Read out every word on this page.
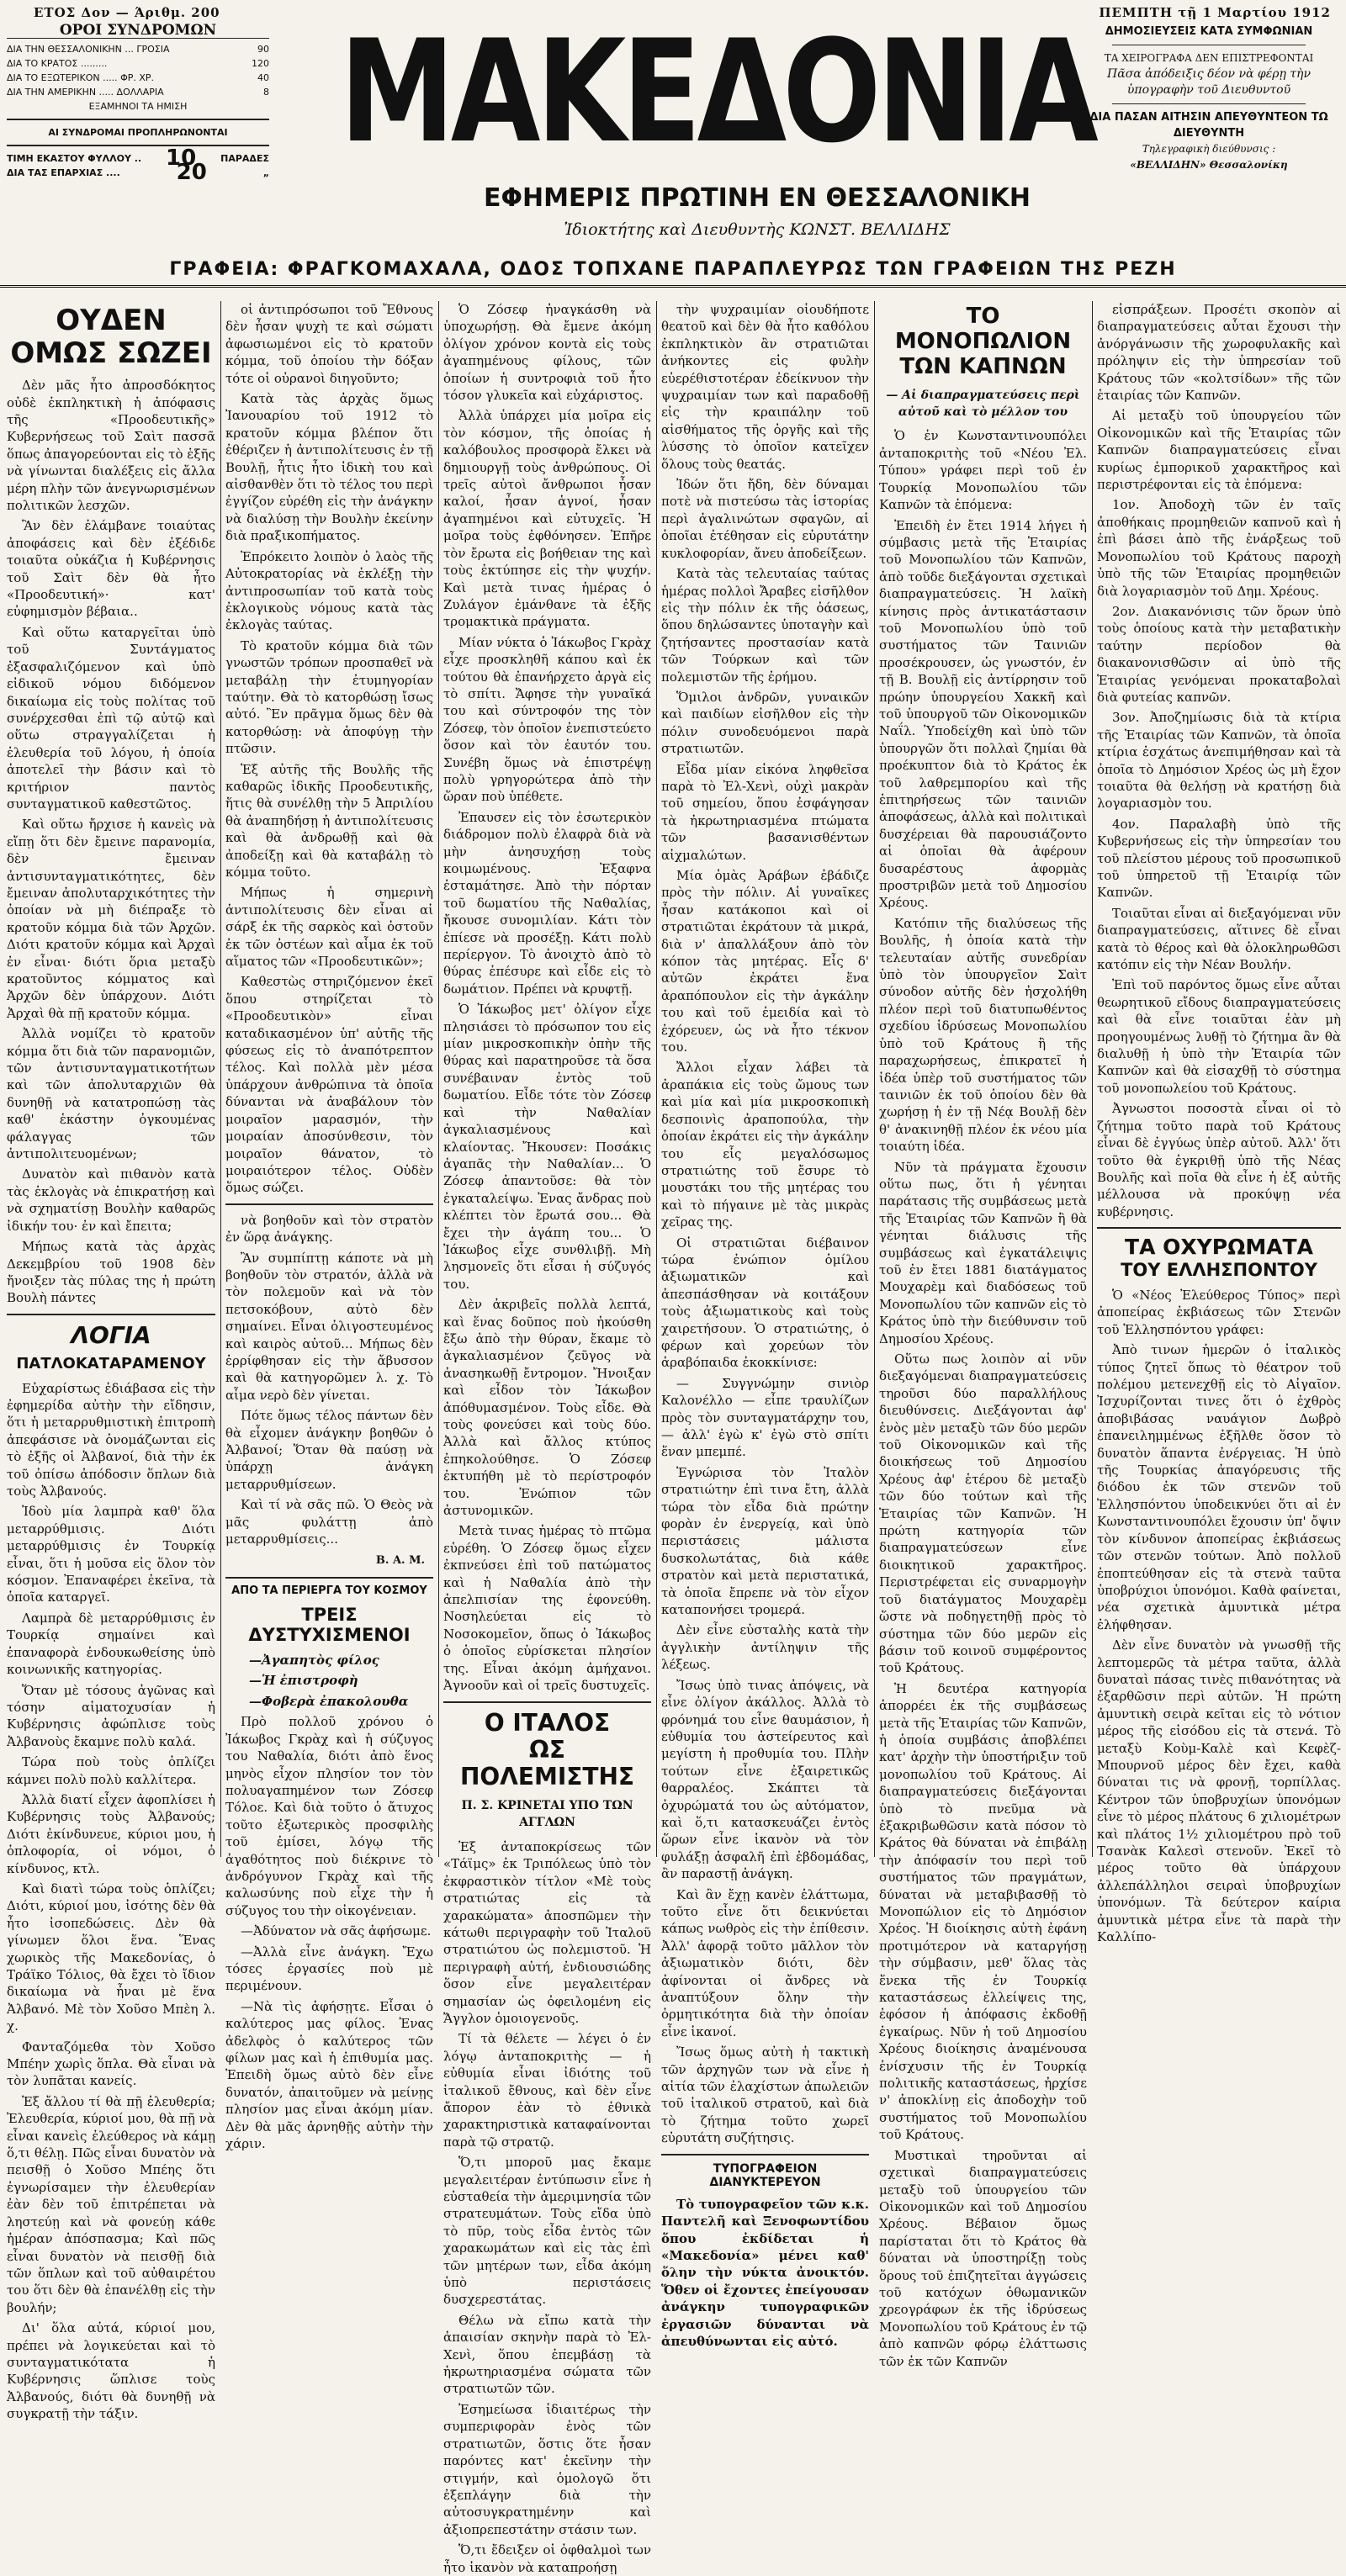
ΕΤΟΣ Δον — Άριθμ. 200	ΠΕΜΠΤΗ τῇ 1 Μαρτίου 1912
ΟΡΟΙ ΣΥΝΔΡΟΜΩΝ
ΔΙΑ ΤΗΝ ΘΕΣΣΑΛΟΝΙΚΗΝ ... ΓΡΟΣΙΑ	90
ΔΙΑ ΤΟ ΚΡΑΤΟΣ .........	120
ΔΙΑ ΤΟ ΕΞΩΤΕΡΙΚΟΝ ..... ΦΡ. ΧΡ.	40
ΔΙΑ ΤΗΝ ΑΜΕΡΙΚΗΝ ..... ΔΟΛΛΑΡΙΑ	8
ΕΞΑΜΗΝΟΙ ΤΑ ΗΜΙΣΗ
ΑΙ ΣΥΝΔΡΟΜΑΙ ΠΡΟΠΛΗΡΩΝΟΝΤΑΙ
ΤΙΜΗ ΕΚΑΣΤΟΥ ΦΥΛΛΟΥ .. 10	ΠΑΡΑΔΕΣ
ΔΙΑ ΤΑΣ ΕΠΑΡΧΙΑΣ ....	20	„ ΜΑΚΕΔΟΝΙΑ
ΕΦΗΜΕΡΙΣ ΠΡΩΤΙΝΗ ΕΝ ΘΕΣΣΑΛΟΝΙΚΗ
Ἰδιοκτήτης καὶ Διευθυντὴς ΚΩΝΣΤ. ΒΕΛΛΙΔΗΣ
ΔΗΜΟΣΙΕΥΣΕΙΣ ΚΑΤΑ ΣΥΜΦΩΝΙΑΝ
ΤΑ ΧΕΙΡΟΓΡΑΦΑ ΔΕΝ ΕΠΙΣΤΡΕΦΟΝΤΑΙ
Πᾶσα ἀπόδειξις δέον νὰ φέρῃ τὴν ὑπογραφὴν τοῦ Διευθυντοῦ
ΔΙΑ ΠΑΣΑΝ ΑΙΤΗΣΙΝ ΑΠΕΥΘΥΝΤΕΟΝ ΤΩ ΔΙΕΥΘΥΝΤΗ
Τηλεγραφικὴ διεύθυνσις :
«ΒΕΛΛΙΔΗΝ» Θεσσαλονίκη
ΓΡΑΦΕΙΑ: ΦΡΑΓΚΟΜΑΧΑΛΑ, ΟΔΟΣ ΤΟΠΧΑΝΕ ΠΑΡΑΠΛΕΥΡΩΣ ΤΩΝ ΓΡΑΦΕΙΩΝ ΤΗΣ ΡΕΖΗ
ΟΥΔΕΝ ΟΜΩΣ ΣΩΖΕΙ

Δὲν μᾶς ἦτο ἀπροσδόκητος οὐδὲ ἐκπληκτικὴ ἡ ἀπόφασις τῆς «Προοδευτικῆς» Κυβερνήσεως τοῦ Σαὶτ πασσᾶ ὅπως ἀπαγορεύονται εἰς τὸ ἑξῆς νὰ γίνωνται διαλέξεις εἰς ἄλλα μέρη πλὴν τῶν ἀνεγνωρισμένων πολιτικῶν λεσχῶν.

Ἂν δὲν ἐλάμβανε τοιαύτας ἀποφάσεις καὶ δὲν ἐξέδιδε τοιαῦτα οὐκάζια ἡ Κυβέρνησις τοῦ Σαὶτ δὲν θὰ ἦτο «Προοδευτική»· κατ' εὐφημισμὸν βέβαια..

Καὶ οὕτω καταργεῖται ὑπὸ τοῦ Συντάγματος ἐξασφαλιζόμενον καὶ ὑπὸ εἰδικοῦ νόμου διδόμενον δικαίωμα εἰς τοὺς πολίτας τοῦ συνέρχεσθαι ἐπὶ τῷ αὐτῷ καὶ οὕτω στραγγαλίζεται ἡ ἐλευθερία τοῦ λόγου, ἡ ὁποία ἀποτελεῖ τὴν βάσιν καὶ τὸ κριτήριον παντὸς συνταγματικοῦ καθεστῶτος.

Καὶ οὕτω ἤρχισε ἡ κανεὶς νὰ εἴπῃ ὅτι δὲν ἔμεινε παρανομία, δὲν ἔμειναν ἀντισυνταγματικότητες, δὲν ἔμειναν ἀπολυταρχικότητες τὴν ὁποίαν νὰ μὴ διέπραξε τὸ κρατοῦν κόμμα διὰ τῶν Ἀρχῶν. Διότι κρατοῦν κόμμα καὶ Ἀρχαὶ ἐν εἶναι· διότι ὅρια μεταξὺ κρατοῦντος κόμματος καὶ Ἀρχῶν δὲν ὑπάρχουν. Διότι Ἀρχαὶ θὰ πῇ κρατοῦν κόμμα.

Ἀλλὰ νομίζει τὸ κρατοῦν κόμμα ὅτι διὰ τῶν παρανομιῶν, τῶν ἀντισυνταγματικοτήτων καὶ τῶν ἀπολυταρχιῶν θὰ δυνηθῇ νὰ κατατροπώσῃ τὰς καθ' ἑκάστην ὀγκουμένας φάλαγγας τῶν ἀντιπολιτευομένων;

Δυνατὸν καὶ πιθανὸν κατὰ τὰς ἐκλογὰς νὰ ἐπικρατήσῃ καὶ νὰ σχηματίσῃ Βουλὴν καθαρῶς ἰδικήν του· ἐν καὶ ἔπειτα;

Μήπως κατὰ τὰς ἀρχὰς Δεκεμβρίου τοῦ 1908 δὲν ἤνοιξεν τὰς πύλας της ἡ πρώτη Βουλὴ πάντες

ΛΟΓΙΑ
ΠΑΤΛΟΚΑΤΑΡΑΜΕΝΟΥ

Εὐχαρίστως ἐδιάβασα εἰς τὴν ἐφημερίδα αὐτὴν τὴν εἴδησιν, ὅτι ἡ μεταρρυθμιστικὴ ἐπιτροπὴ ἀπεφάσισε νὰ ὀνομάζωνται εἰς τὸ ἑξῆς οἱ Ἀλβανοί, διὰ τὴν ἐκ τοῦ ὀπίσω ἀπόδοσιν ὅπλων διὰ τοὺς Ἀλβανούς.

Ἰδοὺ μία λαμπρὰ καθ' ὅλα μεταρρύθμισις. Διότι μεταρρύθμισις ἐν Τουρκίᾳ εἶναι, ὅτι ἡ μοῦσα εἰς ὅλον τὸν κόσμον. Ἐπαναφέρει ἐκεῖνα, τὰ ὁποῖα καταργεῖ.

Λαμπρὰ δὲ μεταρρύθμισις ἐν Τουρκίᾳ σημαίνει καὶ ἐπαναφορὰ ἐνδουκωθείσης ὑπὸ κοινωνικῆς κατηγορίας.

Ὅταν μὲ τόσους ἀγῶνας καὶ τόσην αἱματοχυσίαν ἡ Κυβέρνησις ἀφώπλισε τοὺς Ἀλβανοὺς ἔκαμνε πολὺ καλά.

Τώρα ποὺ τοὺς ὁπλίζει κάμνει πολὺ πολὺ καλλίτερα.

Ἀλλὰ διατί εἶχεν ἀφοπλίσει ἡ Κυβέρνησις τοὺς Ἀλβανούς; Διότι ἐκίνδυνευε, κύριοι μου, ἡ ὁπλοφορία, οἱ νόμοι, ὁ κίνδυνος, κτλ.

Καὶ διατὶ τώρα τοὺς ὁπλίζει; Διότι, κύριοί μου, ἰσότης δὲν θὰ ἦτο ἰσοπεδώσεις. Δὲν θὰ γίνωμεν ὅλοι ἕνα. Ἕνας χωρικὸς τῆς Μακεδονίας, ὁ Τράϊκο Τόλιος, θὰ ἔχει τὸ ἴδιον δικαίωμα νὰ ἦναι μὲ ἕνα Ἀλβανό. Μὲ τὸν Χοῦσο Μπὲη λ. χ.

Φανταζόμεθα τὸν Χοῦσο Μπέην χωρὶς ὅπλα. Θὰ εἶναι νὰ τὸν λυπᾶται κανείς.

Ἐξ ἄλλου τί θὰ πῇ ἐλευθερία; Ἐλευθερία, κύριοί μου, θὰ πῇ νὰ εἶναι κανεὶς ἐλεύθερος νὰ κάμῃ ὅ,τι θέλῃ. Πῶς εἶναι δυνατὸν νὰ πεισθῇ ὁ Χοῦσο Μπέης ὅτι ἐγνωρίσαμεν τὴν ἐλευθερίαν ἐὰν δὲν τοῦ ἐπιτρέπεται νὰ ληστεύῃ καὶ νὰ φονεύῃ κάθε ἡμέραν ἀπόσπασμα; Καὶ πῶς εἶναι δυνατὸν νὰ πεισθῇ διὰ τῶν ὅπλων καὶ τοῦ αὐθαιρέτου του ὅτι δὲν θὰ ἐπανέλθῃ εἰς τὴν βουλήν;

Δι' ὅλα αὐτά, κύριοί μου, πρέπει νὰ λογικεύεται καὶ τὸ συνταγματικότατα ἡ Κυβέρνησις ὥπλισε τοὺς Ἀλβανούς, διότι θὰ δυνηθῇ νὰ συγκρατῇ τὴν τάξιν.

οἱ ἀντιπρόσωποι τοῦ Ἔθνους δὲν ἦσαν ψυχὴ τε καὶ σώματι ἀφωσιωμένοι εἰς τὸ κρατοῦν κόμμα, τοῦ ὁποίου τὴν δόξαν τότε οἱ οὐρανοὶ διηγοῦντο;

Κατὰ τὰς ἀρχὰς ὅμως Ἰανουαρίου τοῦ 1912 τὸ κρατοῦν κόμμα βλέπον ὅτι ἐθέριζεν ἡ ἀντιπολίτευσις ἐν τῇ Βουλῇ, ἦτις ἦτο ἰδικὴ του καὶ αἰσθανθὲν ὅτι τὸ τέλος του περὶ ἐγγίζον εὐρέθη εἰς τὴν ἀνάγκην νὰ διαλύσῃ τὴν Βουλὴν ἐκείνην διὰ πραξικοπήματος.

Ἐπρόκειτο λοιπὸν ὁ λαὸς τῆς Αὐτοκρατορίας νὰ ἐκλέξῃ τὴν ἀντιπροσωπίαν τοῦ κατὰ τοὺς ἐκλογικοὺς νόμους κατὰ τὰς ἐκλογὰς ταύτας.

Τὸ κρατοῦν κόμμα διὰ τῶν γνωστῶν τρόπων προσπαθεῖ νὰ μεταβάλῃ τὴν ἐτυμηγορίαν ταύτην. Θὰ τὸ κατορθώσῃ ἴσως αὐτό. Ἓν πρᾶγμα ὅμως δὲν θὰ κατορθώσῃ: νὰ ἀποφύγῃ τὴν πτῶσιν.

Ἐξ αὐτῆς τῆς Βουλῆς τῆς καθαρῶς ἰδικῆς Προοδευτικῆς, ἥτις θὰ συνέλθῃ τὴν 5 Ἀπριλίου θὰ ἀναπηδήσῃ ἡ ἀντιπολίτευσις καὶ θὰ ἀνδρωθῇ καὶ θὰ ἀποδείξῃ καὶ θὰ καταβάλῃ τὸ κόμμα τοῦτο.

Μήπως ἡ σημερινὴ ἀντιπολίτευσις δὲν εἶναι αἱ σάρξ ἐκ τῆς σαρκὸς καὶ ὀστοῦν ἐκ τῶν ὀστέων καὶ αἷμα ἐκ τοῦ αἵματος τῶν «Προοδευτικῶν»;

Καθεστὼς στηριζόμενον ἐκεῖ ὅπου στηρίζεται τὸ «Προοδευτικὸν» εἶναι καταδικασμένον ὑπ' αὐτῆς τῆς φύσεως εἰς τὸ ἀναπότρεπτον τέλος. Καὶ πολλὰ μὲν μέσα ὑπάρχουν ἀνθρώπινα τὰ ὁποῖα δύνανται νὰ ἀναβάλουν τὸν μοιραῖον μαρασμόν, τὴν μοιραίαν ἀποσύνθεσιν, τὸν μοιραῖον θάνατον, τὸ μοιραιότερον τέλος. Οὐδὲν ὅμως σώζει.

νὰ βοηθοῦν καὶ τὸν στρατὸν ἐν ὥρᾳ ἀνάγκης.

Ἂν συμπίπτῃ κάποτε νὰ μὴ βοηθοῦν τὸν στρατόν, ἀλλὰ νὰ τὸν πολεμοῦν καὶ νὰ τὸν πετσοκόβουν, αὐτὸ δὲν σημαίνει. Εἶναι ὀλιγοστευμένος καὶ καιρὸς αὐτοῦ... Μήπως δὲν ἐρρίφθησαν εἰς τὴν ἄβυσσον καὶ θὰ κατηγορῶμεν λ. χ. Τὸ αἷμα νερὸ δὲν γίνεται.

Πότε ὅμως τέλος πάντων δὲν θὰ εἶχομεν ἀνάγκην βοηθῶν ὁ Ἀλβανοί; Ὅταν θὰ παύσῃ νὰ ὑπάρχῃ ἀνάγκη μεταρρυθμίσεων.

Καὶ τί νὰ σᾶς πῶ. Ὁ Θεὸς νὰ μᾶς φυλάττῃ ἀπὸ μεταρρυθμίσεις...

Β. Α. Μ.
ΑΠΟ ΤΑ ΠΕΡΙΕΡΓΑ ΤΟΥ ΚΟΣΜΟΥ
ΤΡΕΙΣ ΔΥΣΤΥΧΙΣΜΕΝΟΙ

—Ἀγαπητὸς φίλος

—Ἡ ἐπιστροφὴ

—Φοβερὰ ἐπακολουθα

Πρὸ πολλοῦ χρόνου ὁ Ἰάκωβος Γκρὰχ καὶ ἡ σύζυγος του Ναθαλία, διότι ἀπὸ ἕνος μηνὸς εἶχον πλησίον τον τὸν πολυαγαπημένον των Ζόσεφ Τόλοε. Καὶ διὰ τοῦτο ὁ ἄτυχος τοῦτο ἐξωτερικὸς προσφιλὴς τοῦ ἐμίσει, λόγῳ τῆς ἀγαθότητος ποὺ διέκρινε τὸ ἀνδρόγυνον Γκρὰχ καὶ τῆς καλωσύνης ποὺ εἶχε τὴν ἡ σύζυγος του τὴν οἰκογένειαν.

—Ἀδύνατον νὰ σᾶς ἀφήσωμε.

—Ἀλλὰ εἶνε ἀνάγκη. Ἔχω τόσες ἐργασίες ποὺ μὲ περιμένουν.

—Νὰ τὶς ἀφήσῃτε. Εἶσαι ὁ καλύτερος μας φίλος. Ἐνας ἀδελφὸς ὁ καλύτερος τῶν φίλων μας καὶ ἡ ἐπιθυμία μας. Ἐπειδὴ ὅμως αὐτὸ δὲν εἶνε δυνατόν, ἀπαιτοῦμεν νὰ μείνῃς πλησίον μας εἶναι ἀκόμη μίαν. Δὲν θὰ μᾶς ἀρνηθῇς αὐτὴν τὴν χάριν.

Ὁ Ζόσεφ ἠναγκάσθη νὰ ὑποχωρήσῃ. Θὰ ἔμενε ἀκόμη ὀλίγον χρόνον κοντὰ εἰς τοὺς ἀγαπημένους φίλους, τῶν ὁποίων ἡ συντροφιὰ τοῦ ἦτο τόσον γλυκεῖα καὶ εὐχάριστος.

Ἀλλὰ ὑπάρχει μία μοῖρα εἰς τὸν κόσμον, τῆς ὁποίας ἡ καλόβουλος προσφορὰ ἔλκει νὰ δημιουργῇ τοὺς ἀνθρώπους. Οἱ τρεῖς αὐτοὶ ἄνθρωποι ἦσαν καλοί, ἦσαν ἁγνοί, ἦσαν ἀγαπημένοι καὶ εὐτυχεῖς. Ἡ μοῖρα τοὺς ἐφθόνησεν. Ἐπῆρε τὸν ἔρωτα εἰς βοήθειαν της καὶ τοὺς ἐκτύπησε εἰς τὴν ψυχήν. Καὶ μετὰ τινας ἡμέρας ὁ Ζυλάγον ἐμάνθανε τὰ ἑξῆς τρομακτικὰ πράγματα.

Μίαν νύκτα ὁ Ἰάκωβος Γκρὰχ εἶχε προσκληθῆ κάπου καὶ ἐκ τούτου θὰ ἐπανήρχετο ἀργὰ εἰς τὸ σπίτι. Ἄφησε τὴν γυναῖκά του καὶ σύντροφόν της τὸν Ζόσεφ, τὸν ὁποῖον ἐνεπιστεύετο ὅσον καὶ τὸν ἑαυτόν του. Συνέβη ὅμως νὰ ἐπιστρέψῃ πολὺ γρηγορώτερα ἀπὸ τὴν ὥραν ποὺ ὑπέθετε.

Ἐπαυσεν εἰς τὸν ἐσωτερικὸν διάδρομον πολὺ ἐλαφρὰ διὰ νὰ μὴν ἀνησυχήσῃ τοὺς κοιμωμένους. Ἐξαφνα ἐσταμάτησε. Ἀπὸ τὴν πόρταν τοῦ δωματίου τῆς Ναθαλίας, ἤκουσε συνομιλίαν. Κάτι τὸν ἐπίεσε νὰ προσέξῃ. Κάτι πολὺ περίεργον. Τὸ ἀνοιχτὸ ἀπὸ τὸ θύρας ἐπέσυρε καὶ εἶδε εἰς τὸ δωμάτιον. Πρέπει νὰ κρυφτῇ.

Ὁ Ἰάκωβος μετ' ὀλίγον εἶχε πλησιάσει τὸ πρόσωπον του εἰς μίαν μικροσκοπικὴν ὀπὴν τῆς θύρας καὶ παρατηροῦσε τὰ ὅσα συνέβαιναν ἐντὸς τοῦ δωματίου. Εἶδε τότε τὸν Ζόσεφ καὶ τὴν Ναθαλίαν ἀγκαλιασμένους καὶ κλαίοντας. Ἤκουσεν: Ποσάκις ἀγαπᾶς τὴν Ναθαλίαν... Ὁ Ζόσεφ ἀπαντοῦσε: θὰ τὸν ἐγκαταλείψω. Ἐνας ἄνδρας ποὺ κλέπτει τὸν ἔρωτά σου... Θὰ ἔχει τὴν ἀγάπη του... Ὁ Ἰάκωβος εἶχε συνθλιβῇ. Μὴ λησμονεῖς ὅτι εἶσαι ἡ σύζυγός του.

Δὲν ἀκριβεῖς πολλὰ λεπτά, καὶ ἕνας δοῦπος ποὺ ἠκούσθη ἔξω ἀπὸ τὴν θύραν, ἔκαμε τὸ ἀγκαλιασμένον ζεῦγος νὰ ἀνασηκωθῇ ἔντρομον. Ἤνοιξαν καὶ εἶδον τὸν Ἰάκωβον ἀπόθυμασμένον. Τοὺς εἶδε. Θὰ τοὺς φονεύσει καὶ τοὺς δύο. Ἀλλὰ καὶ ἄλλος κτύπος ἐπηκολούθησε. Ὁ Ζόσεφ ἐκτυπήθη μὲ τὸ περίστροφόν του. Ἐνώπιον τῶν ἀστυνομικῶν.

Μετὰ τινας ἡμέρας τὸ πτῶμα εὑρέθη. Ὁ Ζόσεφ ὅμως εἶχεν ἐκπνεύσει ἐπὶ τοῦ πατώματος καὶ ἡ Ναθαλία ἀπὸ τὴν ἀπελπισίαν της ἐφονεύθη. Νοσηλεύεται εἰς τὸ Νοσοκομεῖον, ὅπως ὁ Ἰάκωβος ὁ ὁποῖος εὑρίσκεται πλησίον της. Εἶναι ἀκόμη ἀμήχανοι. Ἀγνοοῦν καὶ οἱ τρεῖς δυστυχεῖς.

Ο ΙΤΑΛΟΣ
ΩΣ ΠΟΛΕΜΙΣΤΗΣ
Π. Σ. ΚΡΙΝΕΤΑΙ ΥΠΟ ΤΩΝ ΑΓΓΛΩΝ

Ἐξ ἀνταποκρίσεως τῶν «Τάϊμς» ἐκ Τριπόλεως ὑπὸ τὸν ἐκφραστικὸν τίτλον «Μὲ τοὺς στρατιώτας εἰς τὰ χαρακώματα» ἀποσπῶμεν τὴν κάτωθι περιγραφὴν τοῦ Ἰταλοῦ στρατιώτου ὡς πολεμιστοῦ. Ἡ περιγραφὴ αὐτή, ἐνδιουσιώδης ὅσον εἶνε μεγαλειτέραν σημασίαν ὡς ὀφειλομένη εἰς Ἄγγλον ὁμοιογενοῦς.

Τί τὰ θέλετε — λέγει ὁ ἐν λόγῳ ἀνταποκριτὴς — ἡ εὐθυμία εἶναι ἰδιότης τοῦ ἰταλικοῦ ἔθνους, καὶ δὲν εἶνε ἄπορον ἐὰν τὸ ἐθνικὰ χαρακτηριστικὰ καταφαίνονται παρὰ τῷ στρατῷ.

Ὅ,τι μποροῦ μας ἔκαμε μεγαλειτέραν ἐντύπωσιν εἶνε ἡ εὐσταθεία τὴν ἀμεριμνησία τῶν στρατευμάτων. Τοὺς εἴδα ὑπὸ τὸ πῦρ, τοὺς εἶδα ἐντὸς τῶν χαρακωμάτων καὶ εἰς τὰς ἐπὶ τῶν μητέρων των, εἶδα ἀκόμη ὑπὸ περιστάσεις δυσχερεστάτας.

Θέλω νὰ εἴπω κατὰ τὴν ἀπαισίαν σκηνὴν παρὰ τὸ Ἐλ-Χενὶ, ὅπου ἐπεμβάσῃ τὰ ἠκρωτηριασμένα σώματα τῶν στρατιωτῶν τῶν.

Ἐσημείωσα ἰδιαιτέρως τὴν συμπεριφορὰν ἑνὸς τῶν στρατιωτῶν, ὅστις ὅτε ἦσαν παρόντες κατ' ἐκεῖνην τὴν στιγμήν, καὶ ὁμολογῶ ὅτι ἐξεπλάγην διὰ τὴν αὐτοσυγκρατημένην καὶ ἀξιοπρεπεστάτην στάσιν των.

Ὅ,τι ἔδειξεν οἱ ὀφθαλμοὶ των ἦτο ἱκανὸν νὰ καταπροήσῃ

τὴν ψυχραιμίαν οἱουδήποτε θεατοῦ καὶ δὲν θὰ ἦτο καθόλου ἐκπληκτικὸν ἂν στρατιῶται ἀνήκοντες εἰς φυλὴν εὐερέθιστοτέραν ἐδείκνυον τὴν ψυχραιμίαν των καὶ παραδοθῇ εἰς τὴν κραιπάλην τοῦ αἰσθήματος τῆς ὀργῆς καὶ τῆς λύσσης τὸ ὁποῖον κατεῖχεν ὅλους τοὺς θεατάς.

Ἰδών ὅτι ἤδη, δὲν δύναμαι ποτὲ νὰ πιστεύσω τὰς ἱστορίας περὶ ἀγαλινώτων σφαγῶν, αἱ ὁποῖαι ἐτέθησαν εἰς εὐρυτάτην κυκλοφορίαν, ἄνευ ἀποδείξεων.

Κατὰ τὰς τελευταίας ταύτας ἡμέρας πολλοὶ Ἄραβες εἰσῆλθον εἰς τὴν πόλιν ἐκ τῆς ὀάσεως, ὅπου δηλώσαντες ὑποταγὴν καὶ ζητήσαντες προστασίαν κατὰ τῶν Τούρκων καὶ τῶν πολεμιστῶν τῆς ἐρήμου.

Ὅμιλοι ἀνδρῶν, γυναικῶν καὶ παιδίων εἰσῆλθον εἰς τὴν πόλιν συνοδευόμενοι παρὰ στρατιωτῶν.

Εἶδα μίαν εἰκόνα ληφθεῖσα παρὰ τὸ Ἐλ-Χενὶ, οὐχὶ μακρὰν τοῦ σημείου, ὅπου ἐσφάγησαν τὰ ἠκρωτηριασμένα πτώματα τῶν βασανισθέντων αἰχμαλώτων.

Μία ὁμὰς Ἀράβων ἐβάδιζε πρὸς τὴν πόλιν. Αἱ γυναῖκες ἦσαν κατάκοποι καὶ οἱ στρατιῶται ἐκράτουν τὰ μικρά, διὰ ν' ἀπαλλάξουν ἀπὸ τὸν κόπον τὰς μητέρας. Εἷς δ' αὐτῶν ἐκράτει ἕνα ἀραπόπουλον εἰς τὴν ἀγκάλην του καὶ τοῦ ἐμειδία καὶ τὸ ἐχόρευεν, ὡς νὰ ἦτο τέκνον του.

Ἄλλοι εἶχαν λάβει τὰ ἀραπάκια εἰς τοὺς ὤμους των καὶ μία καὶ μία μικροσκοπικὴ δεσποινὶς ἀραποπούλα, τὴν ὁποίαν ἐκράτει εἰς τὴν ἀγκάλην του εἷς μεγαλόσωμος στρατιώτης τοῦ ἔσυρε τὸ μουστάκι του τῆς μητέρας του καὶ τὸ πήγαινε μὲ τὰς μικρὰς χεῖρας της.

Οἱ στρατιῶται διέβαινον τώρα ἐνώπιον ὁμίλου ἀξιωματικῶν καὶ ἀπεσπάσθησαν νὰ κοιτάξουν τοὺς ἀξιωματικοὺς καὶ τοὺς χαιρετήσουν. Ὁ στρατιώτης, ὁ φέρων καὶ χορεύων τὸν ἀραβόπαιδα ἐκοκκίνισε:

— Συγγνώμην σινιὸρ Καλονέλλο — εἶπε τραυλίζων πρὸς τὸν συνταγματάρχην του, — ἀλλ' ἐγὼ κ' ἐγὼ στὸ σπίτι ἕναν μπεμπέ.

Ἐγνώρισα τὸν Ἰταλὸν στρατιώτην ἐπὶ τινα ἔτη, ἀλλὰ τώρα τὸν εἶδα διὰ πρώτην φορὰν ἐν ἐνεργείᾳ, καὶ ὑπὸ περιστάσεις μάλιστα δυσκολωτάτας, διὰ κάθε στρατὸν καὶ μετὰ περιστατικά, τὰ ὁποῖα ἔπρεπε νὰ τὸν εἶχον καταπονήσει τρομερά.

Δὲν εἶνε εὐσταλὴς κατὰ τὴν ἀγγλικὴν ἀντίληψιν τῆς λέξεως.

Ἴσως ὑπὸ τινας ἀπόψεις, νὰ εἶνε ὀλίγον ἀκάλλος. Ἀλλὰ τὸ φρόνημά του εἶνε θαυμάσιον, ἡ εὐθυμία του ἀστείρευτος καὶ μεγίστη ἡ προθυμία του. Πλὴν τούτων εἶνε ἐξαιρετικῶς θαρραλέος. Σκάπτει τὰ ὀχυρώματά του ὡς αὐτόματον, καὶ ὅ,τι κατασκευάζει ἐντὸς ὥρων εἶνε ἱκανὸν νὰ τὸν φυλάξῃ ἀσφαλῆ ἐπὶ ἑβδομάδας, ἂν παραστῇ ἀνάγκη.

Καὶ ἂν ἔχῃ κανὲν ἐλάττωμα, τοῦτο εἶνε ὅτι δεικνύεται κάπως νωθρὸς εἰς τὴν ἐπίθεσιν. Ἀλλ' ἀφορᾷ τοῦτο μᾶλλον τὸν ἀξιωματικὸν διότι, δὲν ἀφίνονται οἱ ἄνδρες νὰ ἀναπτύξουν ὅλην τὴν ὁρμητικότητα διὰ τὴν ὁποίαν εἶνε ἱκανοί.

Ἴσως ὅμως αὐτὴ ἡ τακτικὴ τῶν ἀρχηγῶν των νὰ εἶνε ἡ αἰτία τῶν ἐλαχίστων ἀπωλειῶν τοῦ ἰταλικοῦ στρατοῦ, καὶ διὰ τὸ ζήτημα τοῦτο χωρεῖ εὐρυτάτη συζήτησις.

ΤΥΠΟΓΡΑΦΕΙΟΝ ΔΙΑΝΥΚΤΕΡΕΥΟΝ

Τὸ τυπογραφεῖον τῶν κ.κ. Παντελῆ καὶ Ξενοφωντίδου ὅπου ἐκδίδεται ἡ «Μακεδονία» μένει καθ' ὅλην τὴν νύκτα ἀνοικτόν. Ὅθεν οἱ ἔχοντες ἐπείγουσαν ἀνάγκην τυπογραφικῶν ἐργασιῶν δύνανται νὰ ἀπευθύνωνται εἰς αὐτό.

ΤΟ ΜΟΝΟΠΩΛΙΟΝ
ΤΩΝ ΚΑΠΝΩΝ
— Αἱ διαπραγματεύσεις περὶ αὐτοῦ καὶ τὸ μέλλον του

Ὁ ἐν Κωνσταντινουπόλει ἀνταποκριτὴς τοῦ «Νέου Ἐλ. Τύπου» γράφει περὶ τοῦ ἐν Τουρκίᾳ Μονοπωλίου τῶν Καπνῶν τὰ ἑπόμενα:

Ἐπειδὴ ἐν ἔτει 1914 λήγει ἡ σύμβασις μετὰ τῆς Ἑταιρίας τοῦ Μονοπωλίου τῶν Καπνῶν, ἀπὸ τοῦδε διεξάγονται σχετικαὶ διαπραγματεύσεις. Ἡ λαϊκὴ κίνησις πρὸς ἀντικατάστασιν τοῦ Μονοπωλίου ὑπὸ τοῦ συστήματος τῶν Ταινιῶν προσέκρουσεν, ὡς γνωστόν, ἐν τῇ Β. Βουλῇ εἰς ἀντίρρησιν τοῦ πρώην ὑπουργείου Χακκῆ καὶ τοῦ ὑπουργοῦ τῶν Οἰκονομικῶν Ναΐλ. Ὑποδείχθη καὶ ὑπὸ τῶν ὑπουργῶν ὅτι πολλαὶ ζημίαι θὰ προέκυπτον διὰ τὸ Κράτος ἐκ τοῦ λαθρεμπορίου καὶ τῆς ἐπιτηρήσεως τῶν ταινιῶν ἀποφάσεως, ἀλλὰ καὶ πολιτικαὶ δυσχέρειαι θὰ παρουσιάζοντο αἱ ὁποῖαι θὰ ἀφέρουν δυσαρέστους ἀφορμὰς προστριβῶν μετὰ τοῦ Δημοσίου Χρέους.

Κατόπιν τῆς διαλύσεως τῆς Βουλῆς, ἡ ὁποία κατὰ τὴν τελευταίαν αὐτῆς συνεδρίαν ὑπὸ τὸν ὑπουργεῖον Σαὶτ σύνοδον αὐτῆς δὲν ἠσχολήθη πλέον περὶ τοῦ διατυπωθέντος σχεδίου ἱδρύσεως Μονοπωλίου ὑπὸ τοῦ Κράτους ἢ τῆς παραχωρήσεως, ἐπικρατεῖ ἡ ἰδέα ὑπὲρ τοῦ συστήματος τῶν ταινιῶν ἐκ τοῦ ὁποίου δὲν θὰ χωρήσῃ ἡ ἐν τῇ Νέᾳ Βουλῇ δὲν θ' ἀνακινηθῇ πλέον ἐκ νέου μία τοιαύτη ἰδέα.

Νῦν τὰ πράγματα ἔχουσιν οὕτω πως, ὅτι ἡ γένηται παράτασις τῆς συμβάσεως μετὰ τῆς Ἑταιρίας τῶν Καπνῶν ἢ θὰ γένηται διάλυσις τῆς συμβάσεως καὶ ἐγκατάλειψις τοῦ ἐν ἔτει 1881 διατάγματος Μουχαρὲμ καὶ διαδόσεως τοῦ Μονοπωλίου τῶν καπνῶν εἰς τὸ Κράτος ὑπὸ τὴν διεύθυνσιν τοῦ Δημοσίου Χρέους.

Οὕτω πως λοιπὸν αἱ νῦν διεξαγόμεναι διαπραγματεύσεις τηροῦσι δύο παραλλήλους διευθύνσεις. Διεξάγονται ἀφ' ἑνὸς μὲν μεταξὺ τῶν δύο μερῶν τοῦ Οἰκονομικῶν καὶ τῆς διοικήσεως τοῦ Δημοσίου Χρέους ἀφ' ἑτέρου δὲ μεταξὺ τῶν δύο τούτων καὶ τῆς Ἑταιρίας τῶν Καπνῶν. Ἡ πρώτη κατηγορία τῶν διαπραγματεύσεων εἶνε διοικητικοῦ χαρακτῆρος. Περιστρέφεται εἰς συναρμογὴν τοῦ διατάγματος Μουχαρὲμ ὥστε νὰ ποδηγετηθῇ πρὸς τὸ σύστημα τῶν δύο μερῶν εἰς βάσιν τοῦ κοινοῦ συμφέροντος τοῦ Κράτους.

Ἡ δευτέρα κατηγορία ἀπορρέει ἐκ τῆς συμβάσεως μετὰ τῆς Ἑταιρίας τῶν Καπνῶν, ἡ ὁποία συμβάσις ἀποβλέπει κατ' ἀρχὴν τὴν ὑποστήριξιν τοῦ μονοπωλίου τοῦ Κράτους. Αἱ διαπραγματεύσεις διεξάγονται ὑπὸ τὸ πνεῦμα νὰ ἐξακριβωθῶσιν κατὰ πόσον τὸ Κράτος θὰ δύναται νὰ ἐπιβάλῃ τὴν ἀπόφασίν του περὶ τοῦ συστήματος τῶν πραγμάτων, δύναται νὰ μεταβιβασθῇ τὸ Μονοπώλιον εἰς τὸ Δημόσιον Χρέος. Ἡ διοίκησις αὐτὴ ἐφάνη προτιμότερον νὰ καταργήσῃ τὴν σύμβασιν, μεθ' ὅλας τὰς ἕνεκα τῆς ἐν Τουρκίᾳ καταστάσεως ἐλλείψεις της, ἐφόσον ἡ ἀπόφασις ἐκδοθῇ ἐγκαίρως. Νῦν ἡ τοῦ Δημοσίου Χρέους διοίκησις ἀναμένουσα ἐνίσχυσιν τῆς ἐν Τουρκίᾳ πολιτικῆς καταστάσεως, ἠρχίσε ν' ἀποκλίνῃ εἰς ἀποδοχὴν τοῦ συστήματος τοῦ Μονοπωλίου τοῦ Κράτους.

Μυστικαὶ τηροῦνται αἱ σχετικαὶ διαπραγματεύσεις μεταξὺ τοῦ ὑπουργείου τῶν Οἰκονομικῶν καὶ τοῦ Δημοσίου Χρέους. Βέβαιον ὅμως παρίσταται ὅτι τὸ Κράτος θὰ δύναται νὰ ὑποστηρίξῃ τοὺς ὅρους τοῦ ἐπιζητεῖται ἀγγώσεις τοῦ κατόχων ὁθωμανικῶν χρεογράφων ἐκ τῆς ἱδρύσεως Μονοπωλίου τοῦ Κράτους ἐν τῷ ἀπὸ καπνῶν φόρῳ ἐλάττωσις τῶν ἐκ τῶν Καπνῶν

εἰσπράξεων. Προσέτι σκοπὸν αἱ διαπραγματεύσεις αὗται ἔχουσι τὴν ἀνόργάνωσιν τῆς χωροφυλακῆς καὶ πρόληψιν εἰς τὴν ὑπηρεσίαν τοῦ Κράτους τῶν «κολτσίδων» τῆς τῶν ἑταιρίας τῶν Καπνῶν.

Αἱ μεταξὺ τοῦ ὑπουργείου τῶν Οἰκονομικῶν καὶ τῆς Ἑταιρίας τῶν Καπνῶν διαπραγματεύσεις εἶναι κυρίως ἐμπορικοῦ χαρακτῆρος καὶ περιστρέφονται εἰς τὰ ἑπόμενα:

1ον. Ἀποδοχὴ τῶν ἐν ταῖς ἀποθήκαις προμηθειῶν καπνοῦ καὶ ἡ ἐπὶ βάσει ἀπὸ τῆς ἐνάρξεως τοῦ Μονοπωλίου τοῦ Κράτους παροχὴ ὑπὸ τῆς τῶν Ἑταιρίας προμηθειῶν διὰ λογαριασμὸν τοῦ Δημ. Χρέους.

2ον. Διακανόνισις τῶν ὅρων ὑπὸ τοὺς ὁποίους κατὰ τὴν μεταβατικὴν ταύτην περίοδον θὰ διακανονισθῶσιν αἱ ὑπὸ τῆς Ἑταιρίας γενόμεναι προκαταβολαὶ διὰ φυτείας καπνῶν.

3ον. Ἀποζημίωσις διὰ τὰ κτίρια τῆς Ἑταιρίας τῶν Καπνῶν, τὰ ὁποῖα κτίρια ἐσχάτως ἀνεπιμήθησαν καὶ τὰ ὁποῖα τὸ Δημόσιον Χρέος ὡς μὴ ἔχον τοιαῦτα θὰ θελήσῃ νὰ κρατήσῃ διὰ λογαριασμὸν του.

4ον. Παραλαβὴ ὑπὸ τῆς Κυβερνήσεως εἰς τὴν ὑπηρεσίαν του τοῦ πλείστου μέρους τοῦ προσωπικοῦ τοῦ ὑπηρετοῦ τῇ Ἑταιρίᾳ τῶν Καπνῶν.

Τοιαῦται εἶναι αἱ διεξαγόμεναι νῦν διαπραγματεύσεις, αἵτινες δὲ εἶναι κατὰ τὸ θέρος καὶ θὰ ὁλοκληρωθῶσι κατόπιν εἰς τὴν Νέαν Βουλήν.

Ἐπὶ τοῦ παρόντος ὅμως εἶνε αὗται θεωρητικοῦ εἴδους διαπραγματεύσεις καὶ θὰ εἶνε τοιαῦται ἐὰν μὴ προηγουμένως λυθῇ τὸ ζήτημα ἂν θὰ διαλυθῇ ἡ ὑπὸ τὴν Ἑταιρία τῶν Καπνῶν καὶ θὰ εἰσαχθῇ τὸ σύστημα τοῦ μονοπωλείου τοῦ Κράτους.

Ἀγνωστοι ποσοστὰ εἶναι οἱ τὸ ζήτημα τοῦτο παρὰ τοῦ Κράτους εἶναι δὲ ἐγγύως ὑπὲρ αὐτοῦ. Ἀλλ' ὅτι τοῦτο θὰ ἐγκριθῇ ὑπὸ τῆς Νέας Βουλῆς καὶ ποῖα θὰ εἶνε ἡ ἐξ αὐτῆς μέλλουσα νὰ προκύψῃ νέα κυβέρνησις.

ΤΑ ΟΧΥΡΩΜΑΤΑ
ΤΟΥ ΕΛΛΗΣΠΟΝΤΟΥ

Ὁ «Νέος Ἐλεύθερος Τύπος» περὶ ἀποπείρας ἐκβιάσεως τῶν Στενῶν τοῦ Ἑλλησπόντου γράφει:

Ἀπὸ τινων ἡμερῶν ὁ ἰταλικὸς τύπος ζητεῖ ὅπως τὸ θέατρον τοῦ πολέμου μετενεχθῇ εἰς τὸ Αἰγαῖον. Ἰσχυρίζονται τινες ὅτι ὁ ἐχθρὸς ἀποβιβάσας ναυάγιον Δωβρὸ ἐπανειλημμένως ἐξῆλθε ὅσον τὸ δυνατὸν ἅπαντα ἐνέργειας. Ἡ ὑπὸ τῆς Τουρκίας ἀπαγόρευσις τῆς διόδου ἐκ τῶν στενῶν τοῦ Ἑλλησπόντου ὑποδεικνύει ὅτι αἱ ἐν Κωνσταντινουπόλει ἔχουσιν ὑπ' ὄψιν τὸν κίνδυνον ἀποπείρας ἐκβιάσεως τῶν στενῶν τούτων. Ἀπὸ πολλοῦ ἐποπτεύθησαν εἰς τὰ στενὰ ταῦτα ὑποβρύχιοι ὑπονόμοι. Καθὰ φαίνεται, νέα σχετικὰ ἀμυντικὰ μέτρα ἐλήφθησαν.

Δὲν εἶνε δυνατὸν νὰ γνωσθῇ τῆς λεπτομερῶς τὰ μέτρα ταῦτα, ἀλλὰ δυναταὶ πάσας τινὲς πιθανότητας νὰ ἐξαρθῶσιν περὶ αὐτῶν. Ἡ πρώτη ἀμυντικὴ σειρὰ κεῖται εἰς τὸ νότιον μέρος τῆς εἰσόδου εἰς τὰ στενά. Τὸ μεταξὺ Κοὺμ-Καλὲ καὶ Κεφὲζ-Μπουρνοῦ μέρος δὲν ἔχει, καθὰ δύναται τις νὰ φρονῇ, τορπίλλας. Κέντρον τῶν ὑποβρυχίων ὑπονόμων εἶνε τὸ μέρος πλάτους 6 χιλιομέτρων καὶ πλάτος 1½ χιλιομέτρου πρὸ τοῦ Τσανὰκ Καλεσὶ στενοῦν. Ἐκεῖ τὸ μέρος τοῦτο θὰ ὑπάρχουν ἀλλεπάλληλοι σειραὶ ὑποβρυχίων ὑπονόμων. Τὰ δεύτερον καίρια ἀμυντικὰ μέτρα εἶνε τὰ παρὰ τὴν Καλλίπο-
